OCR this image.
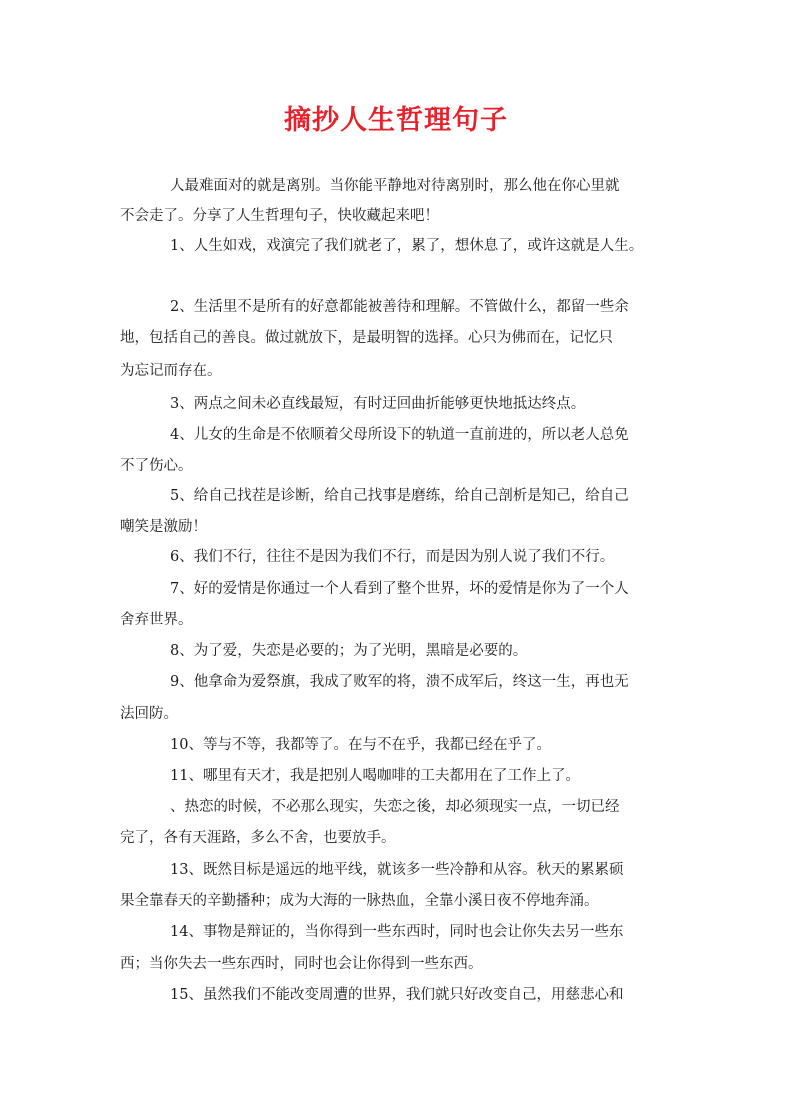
摘抄人生哲理句子

人最难面对的就是离别。当你能平静地对待离别时，那么他在你心里就

不会走了。分享了人生哲理句子，快收藏起来吧！

1、人生如戏，戏演完了我们就老了，累了，想休息了，或许这就是人生。

2、生活里不是所有的好意都能被善待和理解。不管做什么，都留一些余

地，包括自己的善良。做过就放下，是最明智的选择。心只为佛而在，记忆只

为忘记而存在。

3、两点之间未必直线最短，有时迂回曲折能够更快地抵达终点。

4、儿女的生命是不依顺着父母所设下的轨道一直前进的，所以老人总免

不了伤心。

5、给自己找茬是诊断，给自己找事是磨练，给自己剖析是知己，给自己

嘲笑是激励！

6、我们不行，往往不是因为我们不行，而是因为别人说了我们不行。

7、好的爱情是你通过一个人看到了整个世界，坏的爱情是你为了一个人

舍弃世界。

8、为了爱，失恋是必要的；为了光明，黑暗是必要的。

9、他拿命为爱祭旗，我成了败军的将，溃不成军后，终这一生，再也无

法回防。

10、等与不等，我都等了。在与不在乎，我都已经在乎了。

11、哪里有天才，我是把别人喝咖啡的工夫都用在了工作上了。

、热恋的时候，不必那么现实，失恋之後，却必须现实一点，一切已经

完了，各有天涯路，多么不舍，也要放手。

13、既然目标是遥远的地平线，就该多一些冷静和从容。秋天的累累硕

果全靠春天的辛勤播种；成为大海的一脉热血，全靠小溪日夜不停地奔涌。

14、事物是辩证的，当你得到一些东西时，同时也会让你失去另一些东

西；当你失去一些东西时，同时也会让你得到一些东西。

15、虽然我们不能改变周遭的世界，我们就只好改变自己，用慈悲心和
